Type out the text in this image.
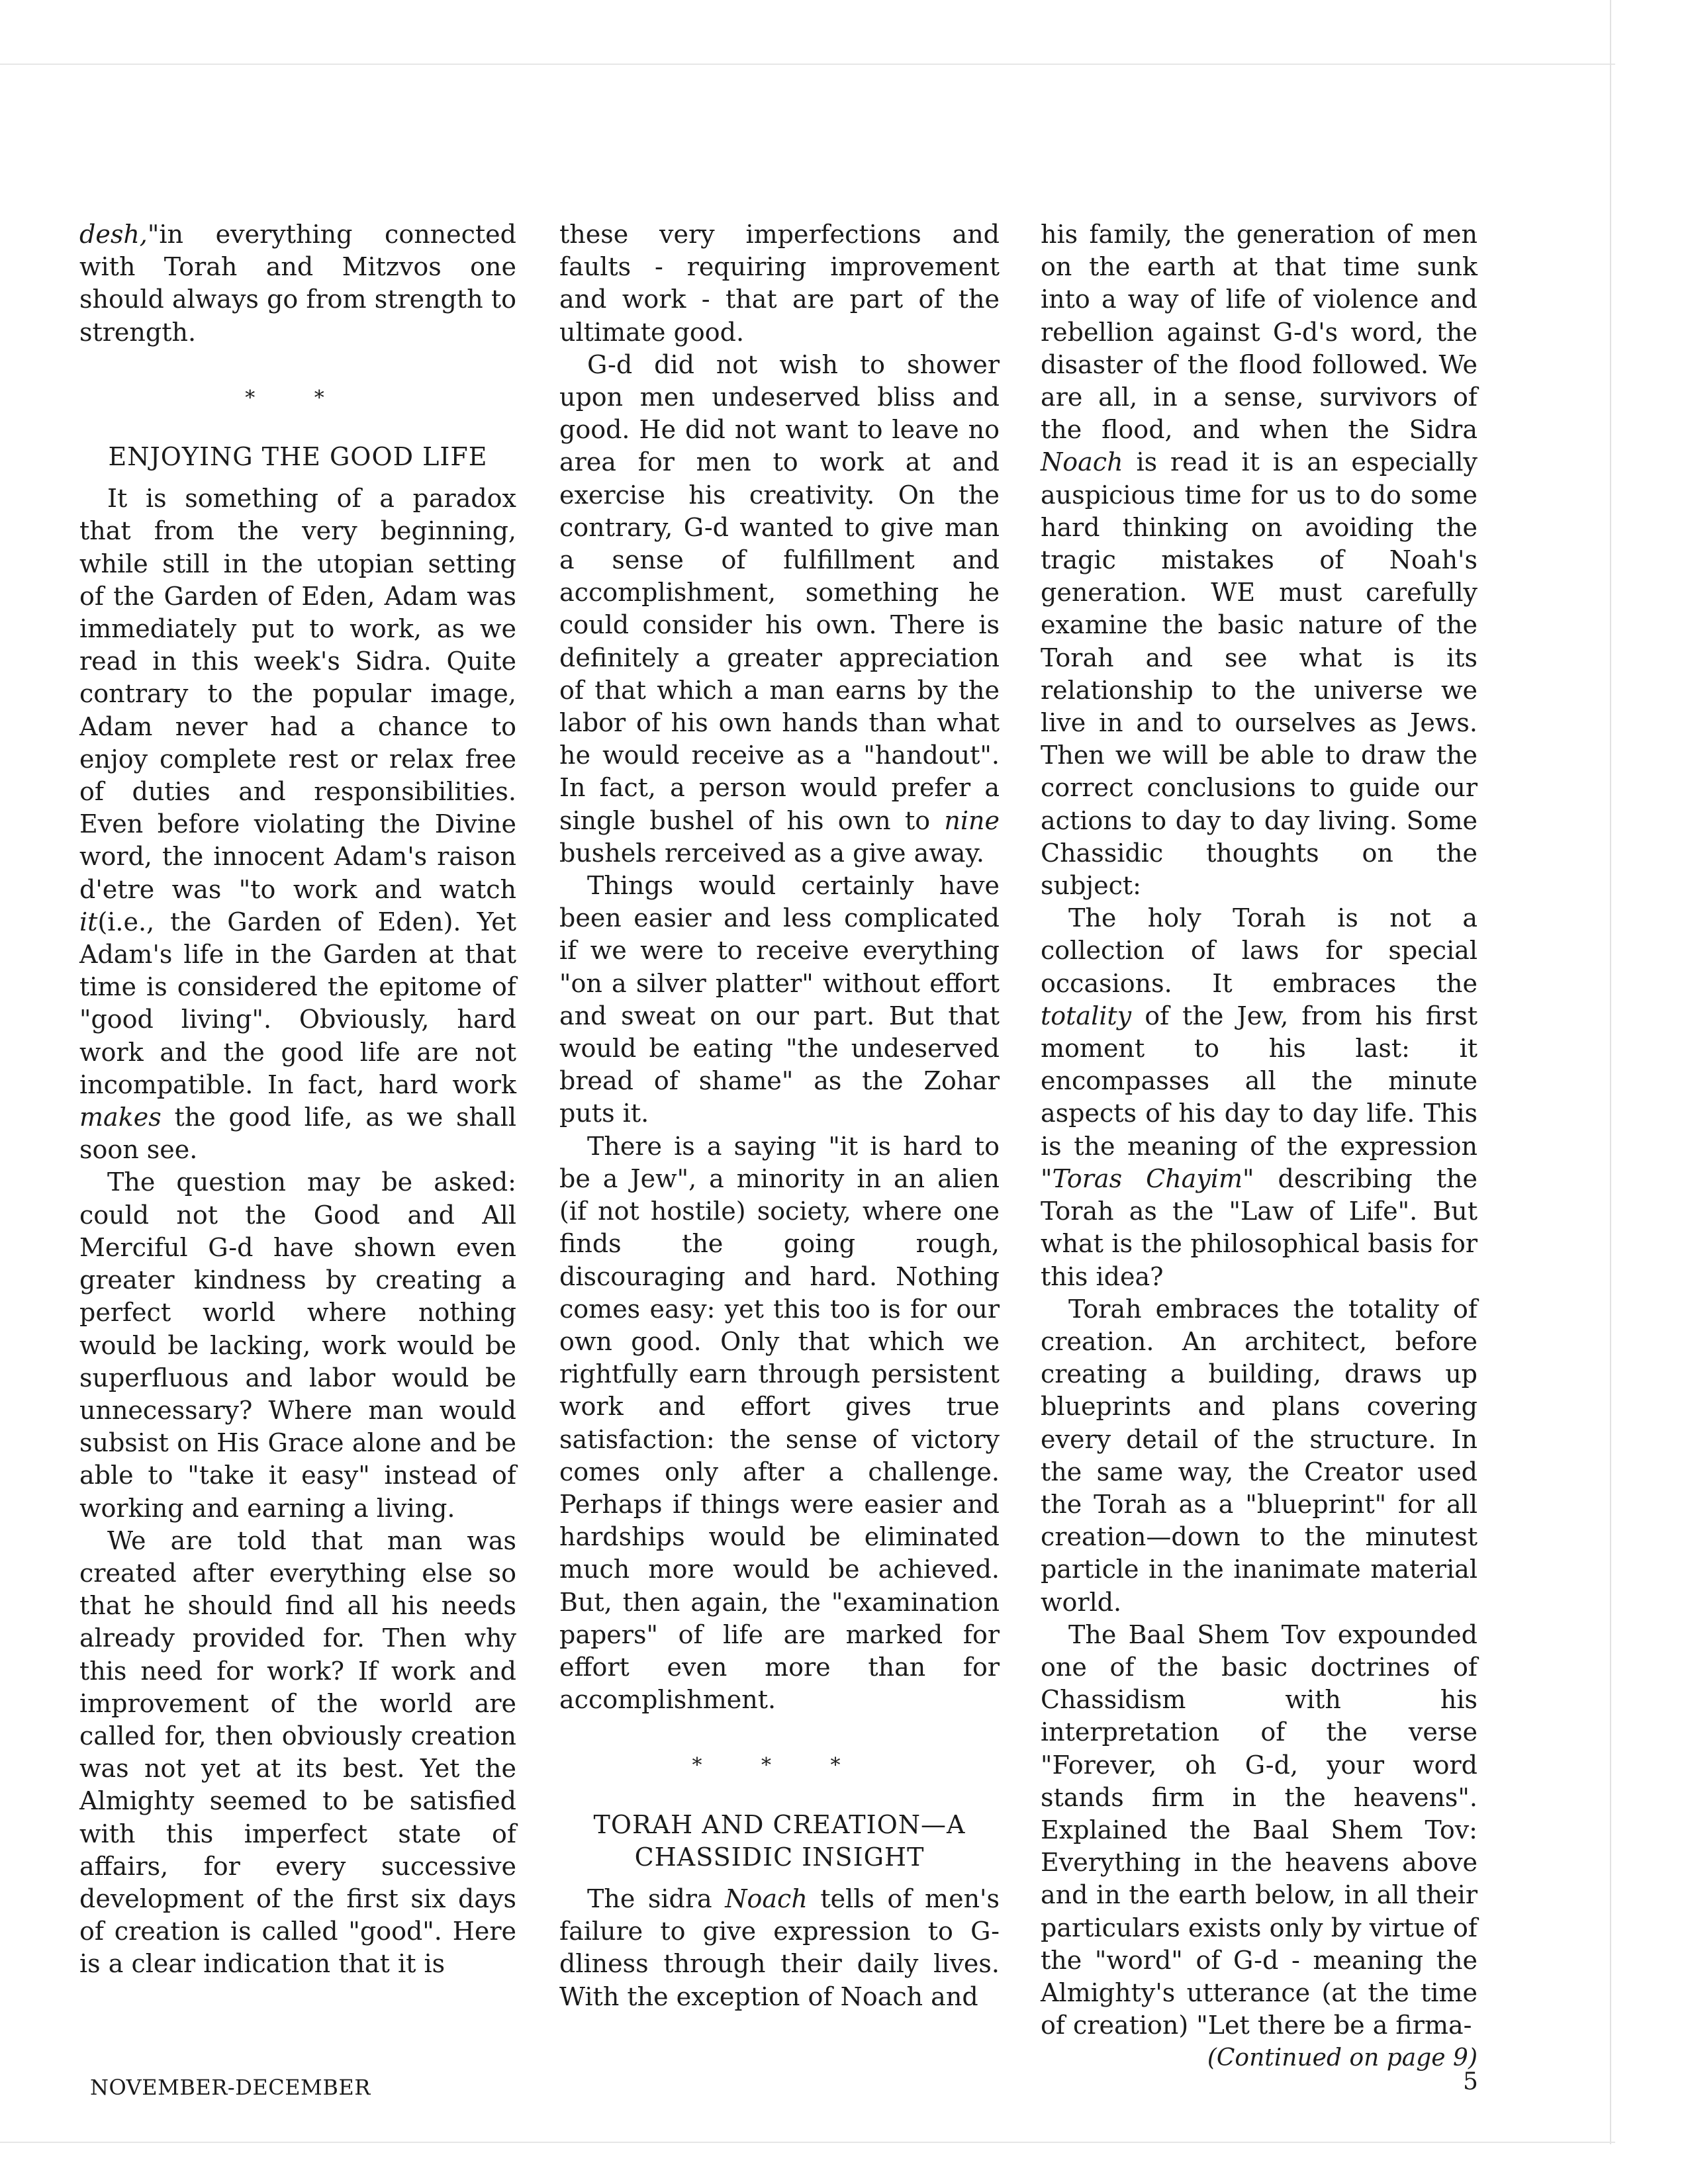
desh,"in everything connected with Torah and Mitzvos one should always go from strength to strength.

* *
ENJOYING THE GOOD LIFE

It is something of a paradox that from the very beginning, while still in the utopian setting of the Garden of Eden, Adam was immediately put to work, as we read in this week's Sidra. Quite contrary to the popular image, Adam never had a chance to enjoy complete rest or relax free of duties and responsibilities. Even before violating the Divine word, the innocent Adam's raison d'etre was "to work and watch it(i.e., the Garden of Eden). Yet Adam's life in the Garden at that time is considered the epitome of "good living". Obviously, hard work and the good life are not incompatible. In fact, hard work makes the good life, as we shall soon see.

The question may be asked: could not the Good and All Merciful G-d have shown even greater kindness by creating a perfect world where nothing would be lacking, work would be superfluous and labor would be unnecessary? Where man would subsist on His Grace alone and be able to "take it easy" instead of working and earning a living.

We are told that man was created after everything else so that he should find all his needs already provided for. Then why this need for work? If work and improvement of the world are called for, then obviously creation was not yet at its best. Yet the Almighty seemed to be satisfied with this imperfect state of affairs, for every successive development of the first six days of creation is called "good". Here is a clear indication that it is

these very imperfections and faults - requiring improvement and work - that are part of the ultimate good.

G-d did not wish to shower upon men undeserved bliss and good. He did not want to leave no area for men to work at and exercise his creativity. On the contrary, G-d wanted to give man a sense of fulfillment and accomplishment, something he could consider his own. There is definitely a greater appreciation of that which a man earns by the labor of his own hands than what he would receive as a "handout". In fact, a person would prefer a single bushel of his own to nine bushels rerceived as a give away.

Things would certainly have been easier and less complicated if we were to receive everything "on a silver platter" without effort and sweat on our part. But that would be eating "the undeserved bread of shame" as the Zohar puts it.

There is a saying "it is hard to be a Jew", a minority in an alien (if not hostile) society, where one finds the going rough, discouraging and hard. Nothing comes easy: yet this too is for our own good. Only that which we rightfully earn through persistent work and effort gives true satisfaction: the sense of victory comes only after a challenge. Perhaps if things were easier and hardships would be eliminated much more would be achieved. But, then again, the "examination papers" of life are marked for effort even more than for accomplishment.

* * *
TORAH AND CREATION—A
CHASSIDIC INSIGHT

The sidra Noach tells of men's failure to give expression to G-dliness through their daily lives. With the exception of Noach and

his family, the generation of men on the earth at that time sunk into a way of life of violence and rebellion against G-d's word, the disaster of the flood followed. We are all, in a sense, survivors of the flood, and when the Sidra Noach is read it is an especially auspicious time for us to do some hard thinking on avoiding the tragic mistakes of Noah's generation. WE must carefully examine the basic nature of the Torah and see what is its relationship to the universe we live in and to ourselves as Jews. Then we will be able to draw the correct conclusions to guide our actions to day to day living. Some Chassidic thoughts on the subject:

The holy Torah is not a collection of laws for special occasions. It embraces the totality of the Jew, from his first moment to his last: it encompasses all the minute aspects of his day to day life. This is the meaning of the expression "Toras Chayim" describing the Torah as the "Law of Life". But what is the philosophical basis for this idea?

Torah embraces the totality of creation. An architect, before creating a building, draws up blueprints and plans covering every detail of the structure. In the same way, the Creator used the Torah as a "blueprint" for all creation—down to the minutest particle in the inanimate material world.

The Baal Shem Tov expounded one of the basic doctrines of Chassidism with his interpretation of the verse "Forever, oh G-d, your word stands firm in the heavens". Explained the Baal Shem Tov: Everything in the heavens above and in the earth below, in all their particulars exists only by virtue of the "word" of G-d - meaning the Almighty's utterance (at the time of creation) "Let there be a firma-

(Continued on page 9)
NOVEMBER-DECEMBER	5
